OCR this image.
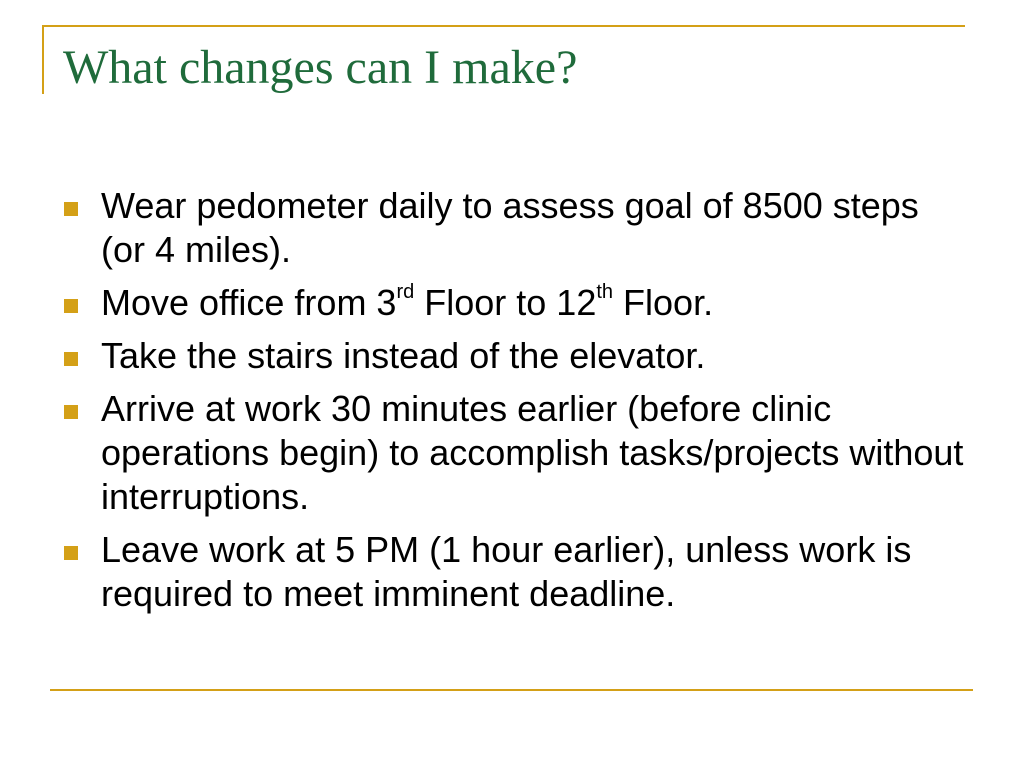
What changes can I make?
Wear pedometer daily to assess goal of 8500 steps (or 4 miles).
Move office from 3rd Floor to 12th Floor.
Take the stairs instead of the elevator.
Arrive at work 30 minutes earlier (before clinic operations begin) to accomplish tasks/projects without interruptions.
Leave work at 5 PM (1 hour earlier), unless work is required to meet imminent deadline.
